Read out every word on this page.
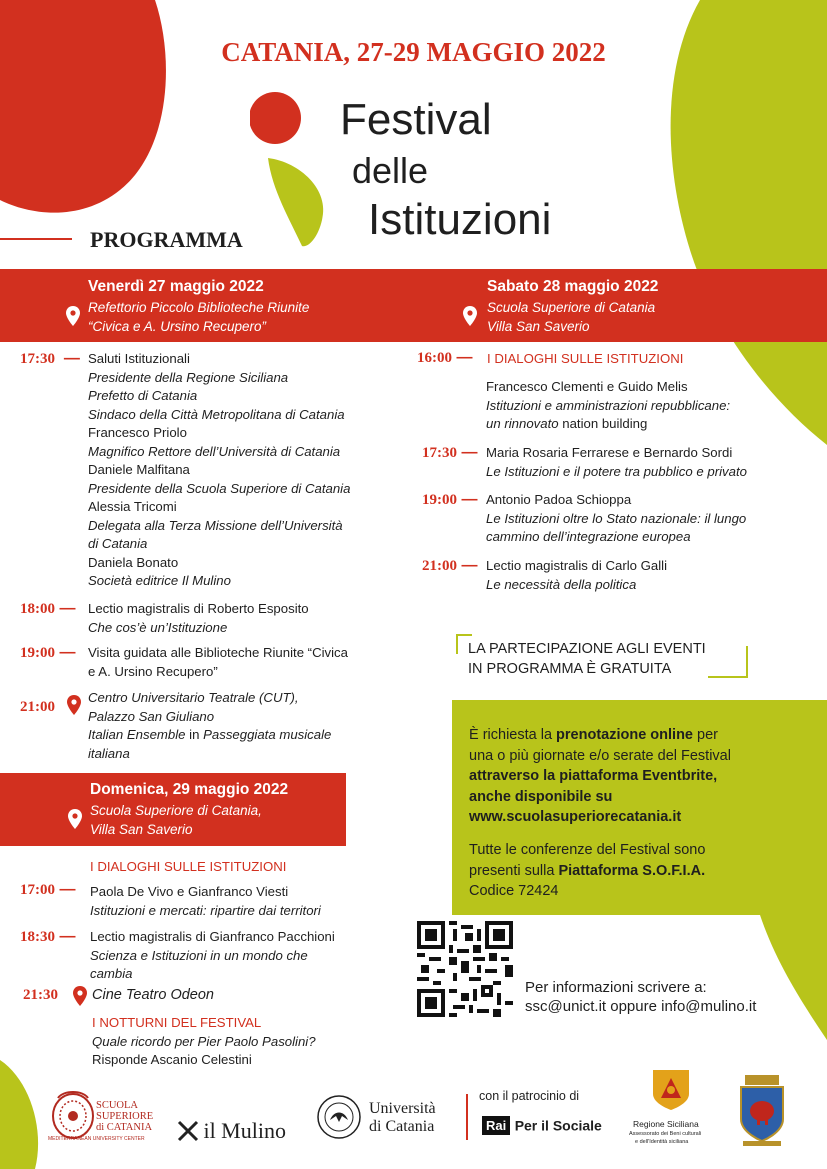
CATANIA, 27-29 MAGGIO 2022
Festival
delle
Istituzioni
PROGRAMMA
Venerdì 27 maggio 2022
Refettorio Piccolo Biblioteche Riunite
“Civica e A. Ursino Recupero”
Sabato 28 maggio 2022
Scuola Superiore di Catania
Villa San Saverio
Domenica, 29 maggio 2022
Scuola Superiore di Catania,
Villa San Saverio
17:30  — Saluti Istituzionali
Presidente della Regione Siciliana
Prefetto di Catania
Sindaco della Città Metropolitana di Catania
Francesco Priolo
Magnifico Rettore dell’Università di Catania
Daniele Malfitana
Presidente della Scuola Superiore di Catania
Alessia Tricomi
Delegata alla Terza Missione dell’Università
di Catania
Daniela Bonato
Società editrice Il Mulino
18:00 — Lectio magistralis di Roberto Esposito
Che cos’è un’Istituzione
19:00 — Visita guidata alle Biblioteche Riunite “Civica
e A. Ursino Recupero”
21:00
Centro Universitario Teatrale (CUT),
Palazzo San Giuliano
Italian Ensemble in Passeggiata musicale
italiana
16:00 — I DIALOGHI SULLE ISTITUZIONI
Francesco Clementi e Guido Melis
Istituzioni e amministrazioni repubblicane:
un rinnovato nation building
17:30 — Maria Rosaria Ferrarese e Bernardo Sordi
Le Istituzioni e il potere tra pubblico e privato
19:00 — Antonio Padoa Schioppa
Le Istituzioni oltre lo Stato nazionale: il lungo
cammino dell’integrazione europea
21:00 — Lectio magistralis di Carlo Galli
Le necessità della politica
LA PARTECIPAZIONE AGLI EVENTI
IN PROGRAMMA È GRATUITA
È richiesta la prenotazione online per
una o più giornate e/o serate del Festival
attraverso la piattaforma Eventbrite,
anche disponibile su
www.scuolasuperiorecatania.it
Tutte le conferenze del Festival sono
presenti sulla Piattaforma S.O.F.I.A.
Codice 72424
I DIALOGHI SULLE ISTITUZIONI
17:00 — Paola De Vivo e Gianfranco Viesti
Istituzioni e mercati: ripartire dai territori
18:30 — Lectio magistralis di Gianfranco Pacchioni
Scienza e Istituzioni in un mondo che
cambia
21:30 Cine Teatro Odeon
I NOTTURNI DEL FESTIVAL
Quale ricordo per Pier Paolo Pasolini?
Risponde Ascanio Celestini
Per informazioni scrivere a:
ssc@unict.it oppure info@mulino.it
SCUOLA
SUPERIORE
di CATANIA
MEDITERRANEAN UNIVERSITY CENTER	il Mulino
Università
di Catania
con il patrocinio di
Rai Per il Sociale	Regione Siciliana
Assessorato dei Beni culturali
e dell'Identità siciliana
